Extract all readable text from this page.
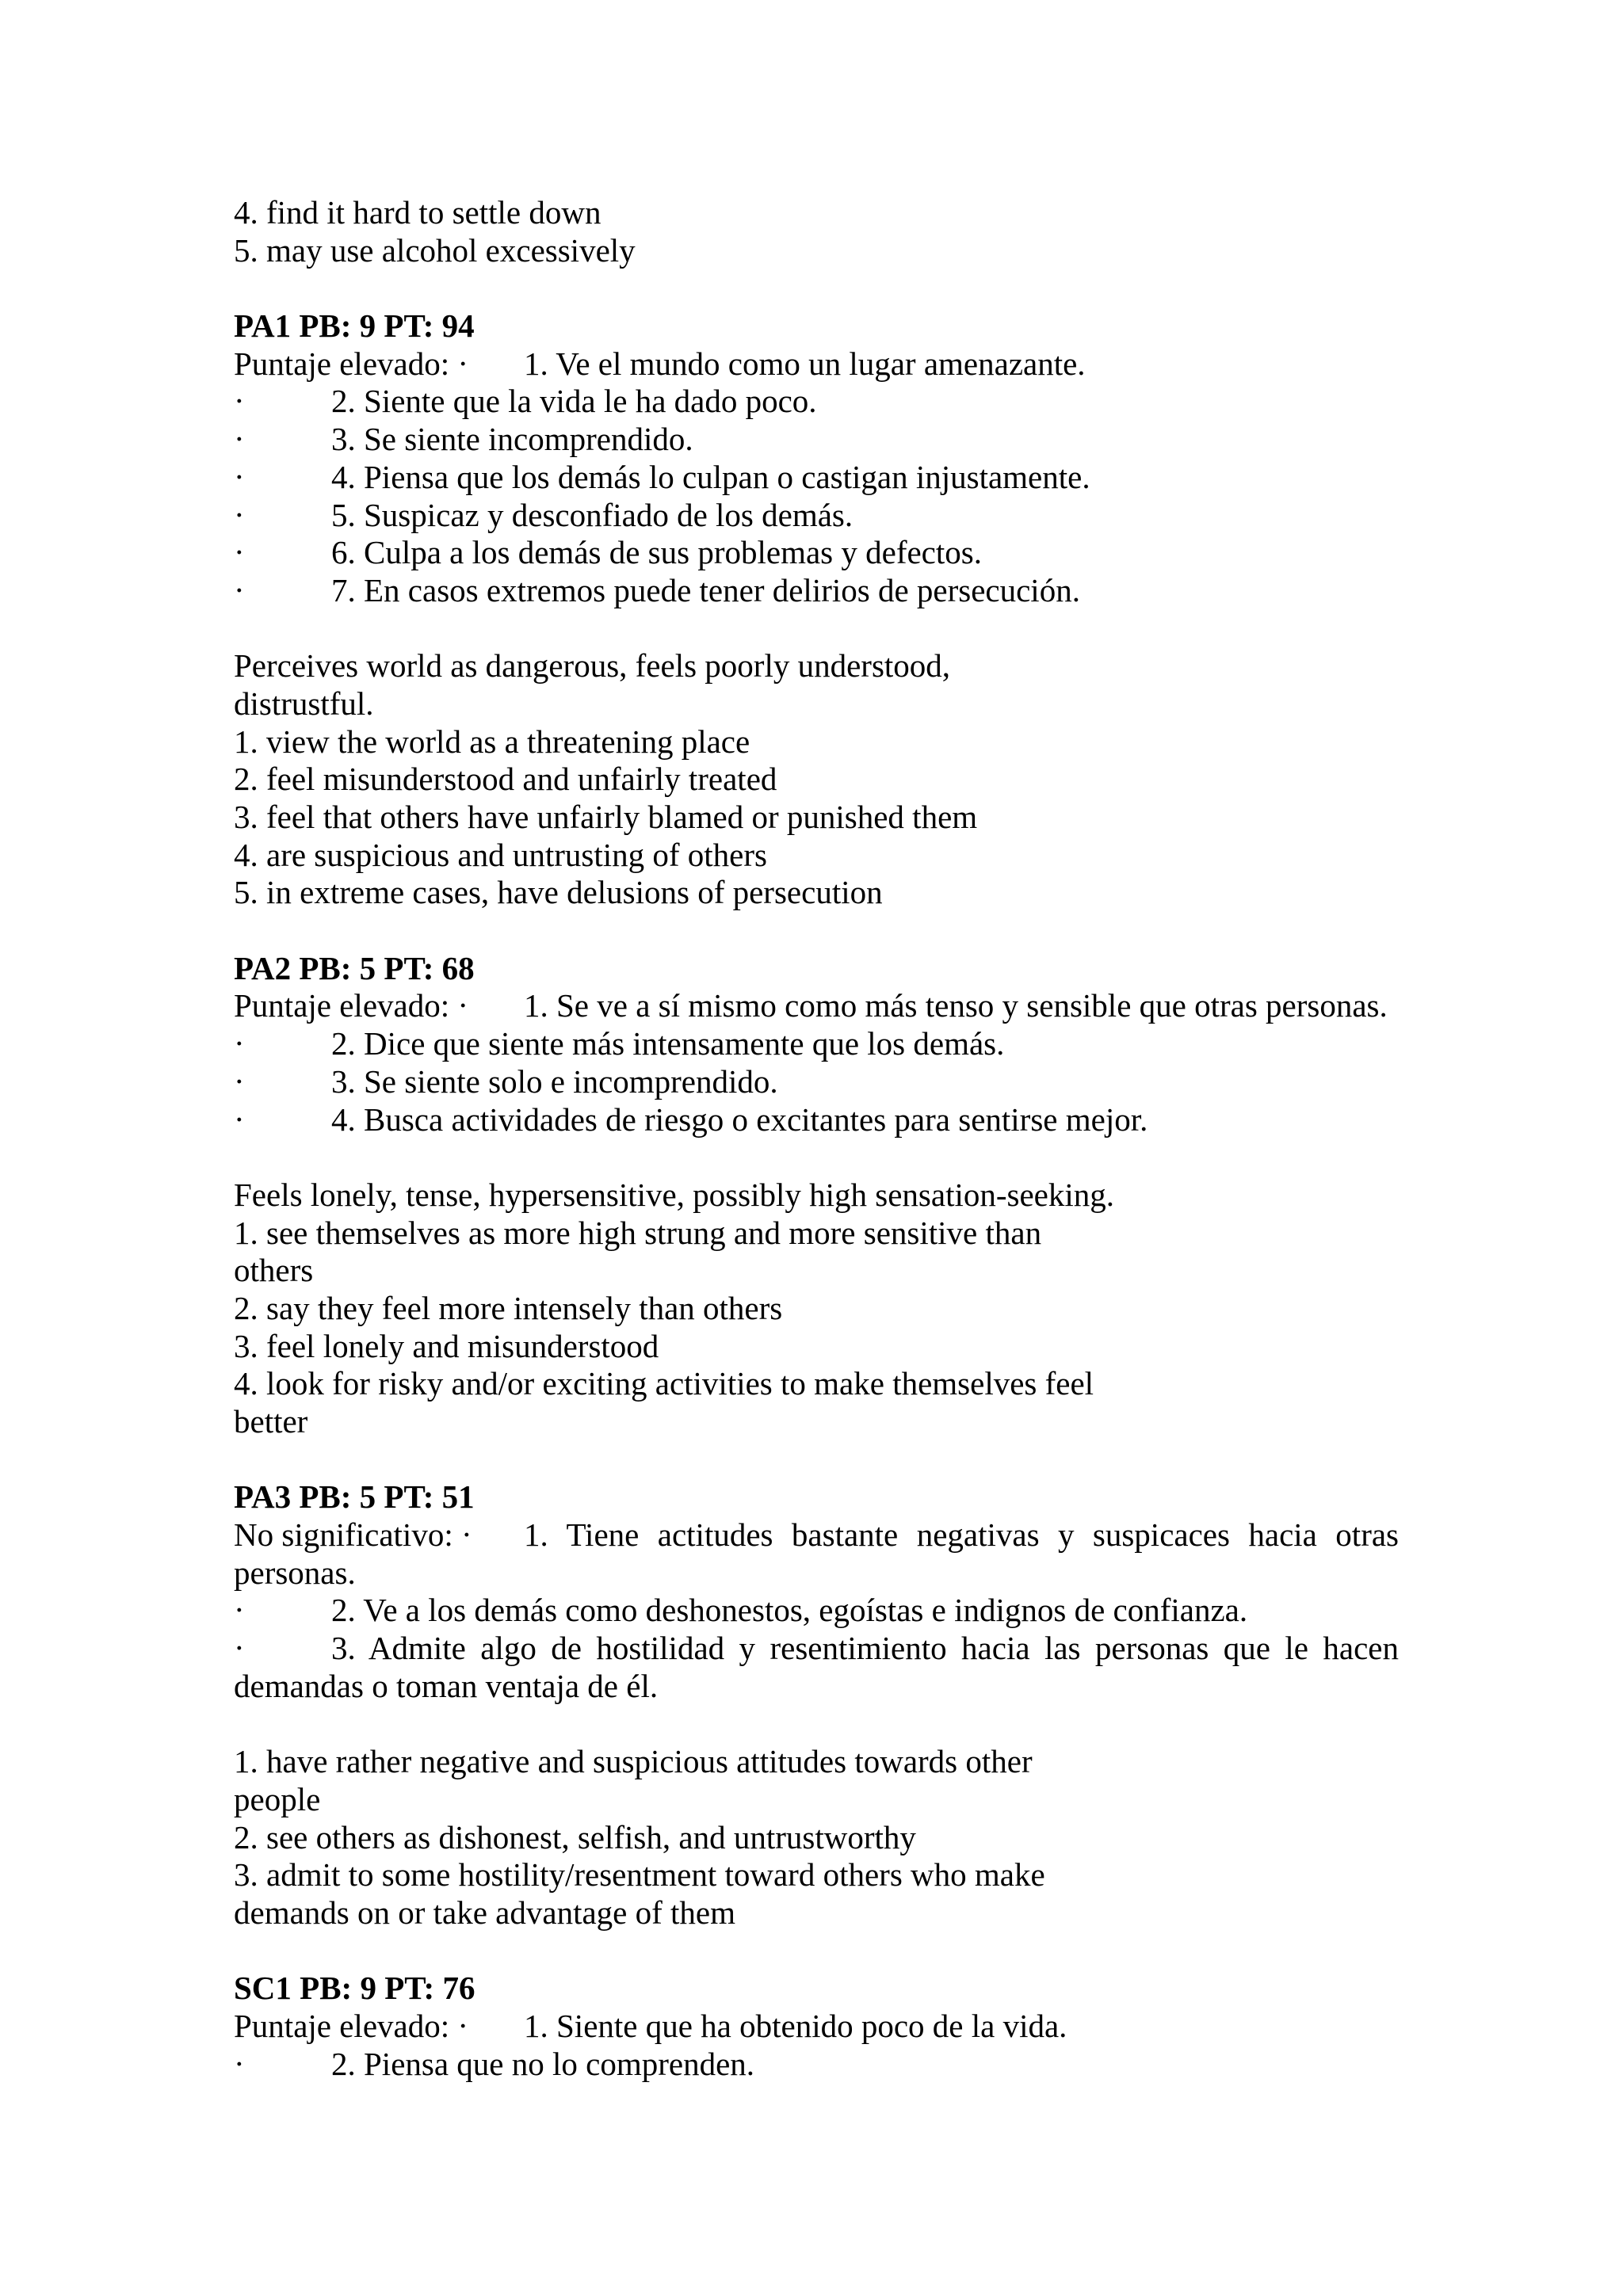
4. find it hard to settle down
5. may use alcohol excessively
PA1 PB: 9 PT: 94
Puntaje elevado: · 1. Ve el mundo como un lugar amenazante.
·	2. Siente que la vida le ha dado poco.
·	3. Se siente incomprendido.
·	4. Piensa que los demás lo culpan o castigan injustamente.
·	5. Suspicaz y desconfiado de los demás.
·	6. Culpa a los demás de sus problemas y defectos.
·	7. En casos extremos puede tener delirios de persecución.
Perceives world as dangerous, feels poorly understood,
distrustful.
1. view the world as a threatening place
2. feel misunderstood and unfairly treated
3. feel that others have unfairly blamed or punished them
4. are suspicious and untrusting of others
5. in extreme cases, have delusions of persecution
PA2 PB: 5 PT: 68
Puntaje elevado: · 1. Se ve a sí mismo como más tenso y sensible que otras personas.
·	2. Dice que siente más intensamente que los demás.
·	3. Se siente solo e incomprendido.
·	4. Busca actividades de riesgo o excitantes para sentirse mejor.
Feels lonely, tense, hypersensitive, possibly high sensation-seeking.
1. see themselves as more high strung and more sensitive than
others
2. say they feel more intensely than others
3. feel lonely and misunderstood
4. look for risky and/or exciting activities to make themselves feel
better
PA3 PB: 5 PT: 51
No significativo: · 1. Tiene actitudes bastante negativas y suspicaces hacia otras
personas.
·	2. Ve a los demás como deshonestos, egoístas e indignos de confianza.
·	3. Admite algo de hostilidad y resentimiento hacia las personas que le hacen
demandas o toman ventaja de él.
1. have rather negative and suspicious attitudes towards other
people
2. see others as dishonest, selfish, and untrustworthy
3. admit to some hostility/resentment toward others who make
demands on or take advantage of them
SC1 PB: 9 PT: 76
Puntaje elevado: · 1. Siente que ha obtenido poco de la vida.
·	2. Piensa que no lo comprenden.
